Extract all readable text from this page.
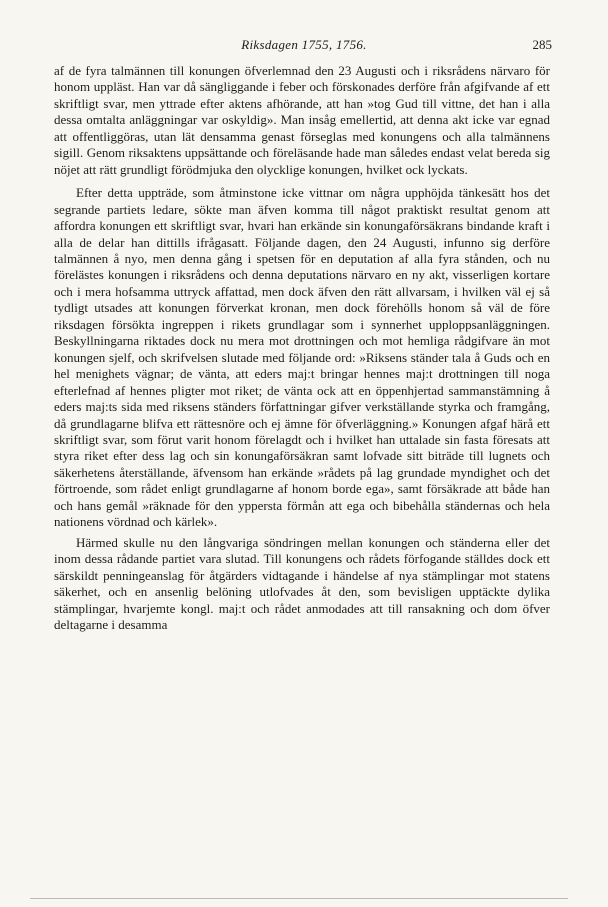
Riksdagen 1755, 1756.	285

af de fyra talmännen till konungen öfverlemnad den 23 Augusti och i riksrådens närvaro för honom uppläst. Han var då sängliggande i feber och förskonades derföre från afgifvande af ett skriftligt svar, men yttrade efter aktens afhörande, att han »tog Gud till vittne, det han i alla dessa omtalta anläggningar var oskyldig». Man insåg emellertid, att denna akt icke var egnad att offentliggöras, utan lät densamma genast förseglas med konungens och alla talmännens sigill. Genom riksaktens uppsättande och föreläsande hade man således endast velat bereda sig nöjet att rätt grundligt förödmjuka den olycklige konungen, hvilket ock lyckats.

Efter detta uppträde, som åtminstone icke vittnar om några upphöjda tänkesätt hos det segrande partiets ledare, sökte man äfven komma till något praktiskt resultat genom att affordra konungen ett skriftligt svar, hvari han erkände sin konungaförsäkrans bindande kraft i alla de delar han dittills ifrågasatt. Följande dagen, den 24 Augusti, infunno sig derföre talmännen å nyo, men denna gång i spetsen för en deputation af alla fyra stånden, och nu förelästes konungen i riksrådens och denna deputations närvaro en ny akt, visserligen kortare och i mera hofsamma uttryck affattad, men dock äfven den rätt allvarsam, i hvilken väl ej så tydligt utsades att konungen förverkat kronan, men dock förehölls honom så väl de före riksdagen försökta ingreppen i rikets grundlagar som i synnerhet upploppsanläggningen. Beskyllningarna riktades dock nu mera mot drottningen och mot hemliga rådgifvare än mot konungen sjelf, och skrifvelsen slutade med följande ord: »Riksens ständer tala å Guds och en hel menighets vägnar; de vänta, att eders maj:t bringar hennes maj:t drottningen till noga efterlefnad af hennes pligter mot riket; de vänta ock att en öppenhjertad sammanstämning å eders maj:ts sida med riksens ständers författningar gifver verkställande styrka och framgång, då grundlagarne blifva ett rättesnöre och ej ämne för öfverläggning.» Konungen afgaf härå ett skriftligt svar, som förut varit honom förelagdt och i hvilket han uttalade sin fasta föresats att styra riket efter dess lag och sin konungaförsäkran samt lofvade sitt biträde till lugnets och säkerhetens återställande, äfvensom han erkände »rådets på lag grundade myndighet och det förtroende, som rådet enligt grundlagarne af honom borde ega», samt försäkrade att både han och hans gemål »räknade för den yppersta förmån att ega och bibehålla ständernas och hela nationens vördnad och kärlek».

Härmed skulle nu den långvariga söndringen mellan konungen och ständerna eller det inom dessa rådande partiet vara slutad. Till konungens och rådets förfogande ställdes dock ett särskildt penningeanslag för åtgärders vidtagande i händelse af nya stämplingar mot statens säkerhet, och en ansenlig belöning utlofvades åt den, som bevisligen upptäckte dylika stämplingar, hvarjemte kongl. maj:t och rådet anmodades att till ransakning och dom öfver deltagarne i desamma
